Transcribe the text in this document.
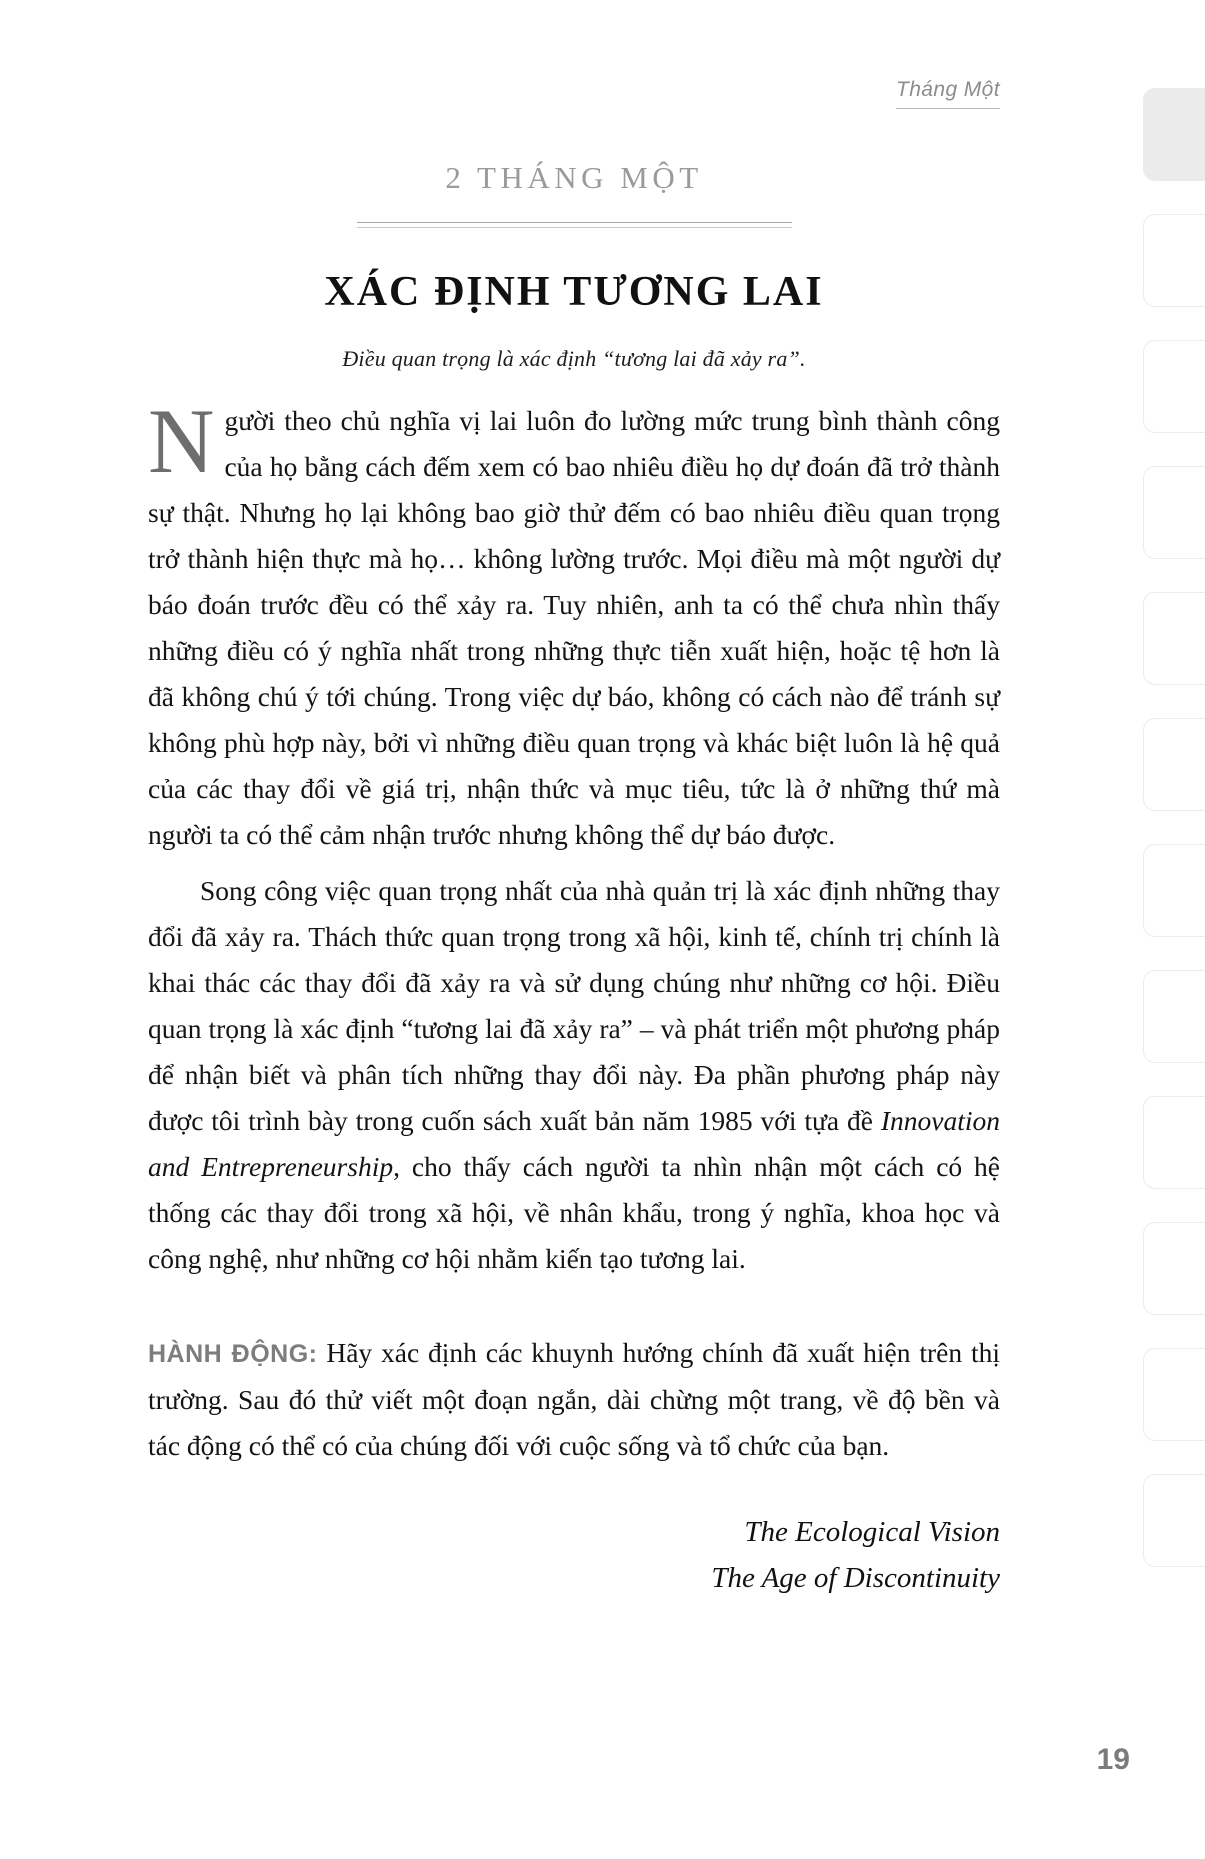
Tháng Một
2 THÁNG MỘT
XÁC ĐỊNH TƯƠNG LAI
Điều quan trọng là xác định “tương lai đã xảy ra”.

Người theo chủ nghĩa vị lai luôn đo lường mức trung bình thành công của họ bằng cách đếm xem có bao nhiêu điều họ dự đoán đã trở thành sự thật. Nhưng họ lại không bao giờ thử đếm có bao nhiêu điều quan trọng trở thành hiện thực mà họ… không lường trước. Mọi điều mà một người dự báo đoán trước đều có thể xảy ra. Tuy nhiên, anh ta có thể chưa nhìn thấy những điều có ý nghĩa nhất trong những thực tiễn xuất hiện, hoặc tệ hơn là đã không chú ý tới chúng. Trong việc dự báo, không có cách nào để tránh sự không phù hợp này, bởi vì những điều quan trọng và khác biệt luôn là hệ quả của các thay đổi về giá trị, nhận thức và mục tiêu, tức là ở những thứ mà người ta có thể cảm nhận trước nhưng không thể dự báo được.

Song công việc quan trọng nhất của nhà quản trị là xác định những thay đổi đã xảy ra. Thách thức quan trọng trong xã hội, kinh tế, chính trị chính là khai thác các thay đổi đã xảy ra và sử dụng chúng như những cơ hội. Điều quan trọng là xác định “tương lai đã xảy ra” – và phát triển một phương pháp để nhận biết và phân tích những thay đổi này. Đa phần phương pháp này được tôi trình bày trong cuốn sách xuất bản năm 1985 với tựa đề Innovation and Entrepreneurship, cho thấy cách người ta nhìn nhận một cách có hệ thống các thay đổi trong xã hội, về nhân khẩu, trong ý nghĩa, khoa học và công nghệ, như những cơ hội nhằm kiến tạo tương lai.

HÀNH ĐỘNG: Hãy xác định các khuynh hướng chính đã xuất hiện trên thị trường. Sau đó thử viết một đoạn ngắn, dài chừng một trang, về độ bền và tác động có thể có của chúng đối với cuộc sống và tổ chức của bạn.

The Ecological Vision
The Age of Discontinuity
19
